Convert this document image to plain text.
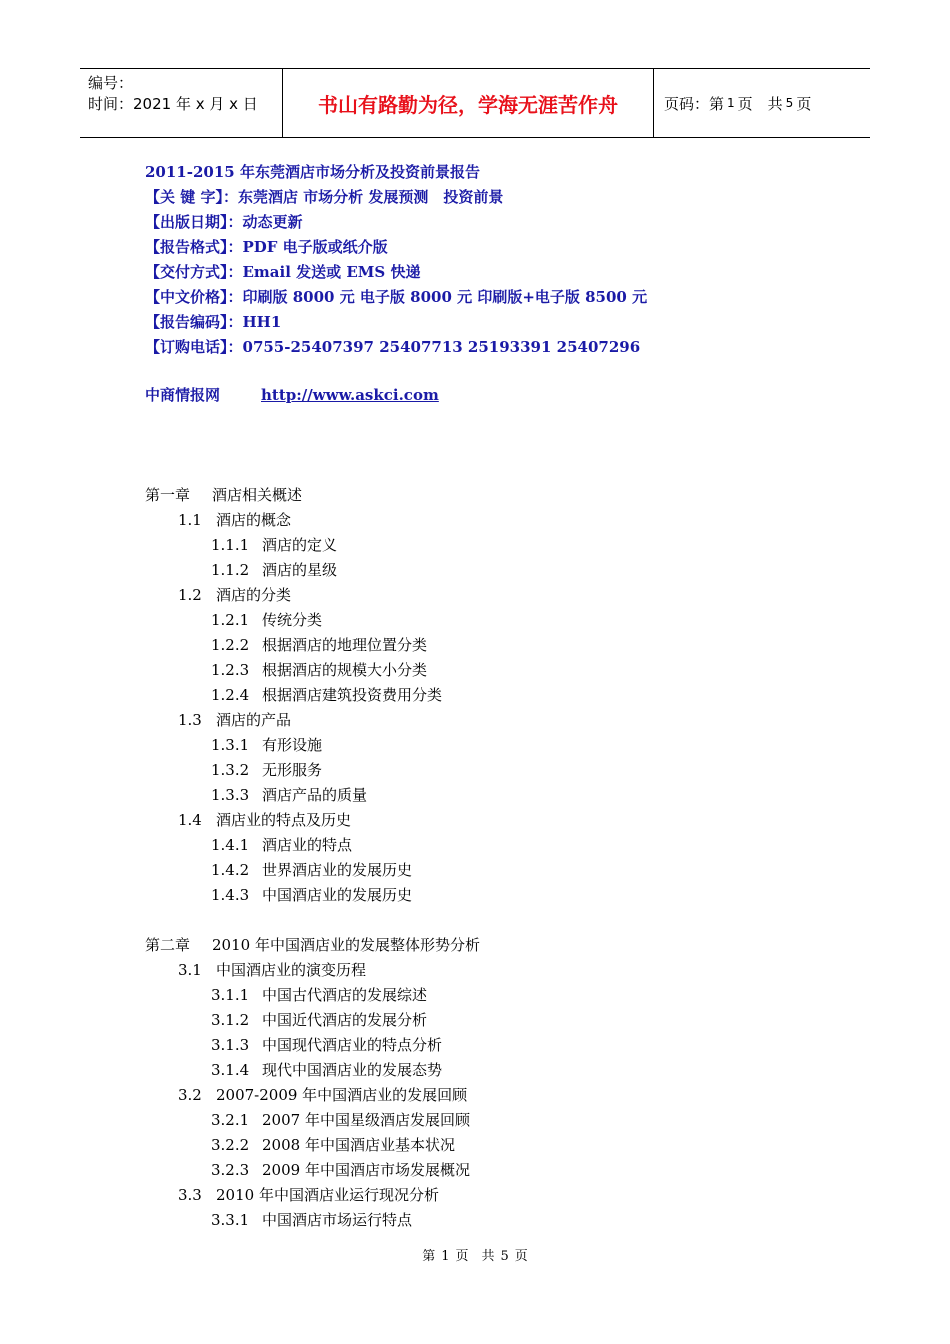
编号：
时间：2021 年 x 月 x 日	书山有路勤为径，学海无涯苦作舟	页码：第 1 页　共 5 页
2011-2015 年东莞酒店市场分析及投资前景报告
【关 键 字】：东莞酒店 市场分析 发展预测　投资前景
【出版日期】：动态更新
【报告格式】：PDF 电子版或纸介版
【交付方式】：Email 发送或 EMS 快递
【中文价格】：印刷版 8000 元 电子版 8000 元 印刷版+电子版 8500 元
【报告编码】：HH1
【订购电话】：0755-25407397 25407713 25193391 25407296
中商情报网	http://www.askci.com
第一章 酒店相关概述
1.1 酒店的概念
1.1.1 酒店的定义
1.1.2 酒店的星级
1.2 酒店的分类
1.2.1 传统分类
1.2.2 根据酒店的地理位置分类
1.2.3 根据酒店的规模大小分类
1.2.4 根据酒店建筑投资费用分类
1.3 酒店的产品
1.3.1 有形设施
1.3.2 无形服务
1.3.3 酒店产品的质量
1.4 酒店业的特点及历史
1.4.1 酒店业的特点
1.4.2 世界酒店业的发展历史
1.4.3 中国酒店业的发展历史
第二章 2010 年中国酒店业的发展整体形势分析
3.1 中国酒店业的演变历程
3.1.1 中国古代酒店的发展综述
3.1.2 中国近代酒店的发展分析
3.1.3 中国现代酒店业的特点分析
3.1.4 现代中国酒店业的发展态势
3.2 2007-2009 年中国酒店业的发展回顾
3.2.1 2007 年中国星级酒店发展回顾
3.2.2 2008 年中国酒店业基本状况
3.2.3 2009 年中国酒店市场发展概况
3.3 2010 年中国酒店业运行现况分析
3.3.1 中国酒店市场运行特点
第 1 页　共 5 页
